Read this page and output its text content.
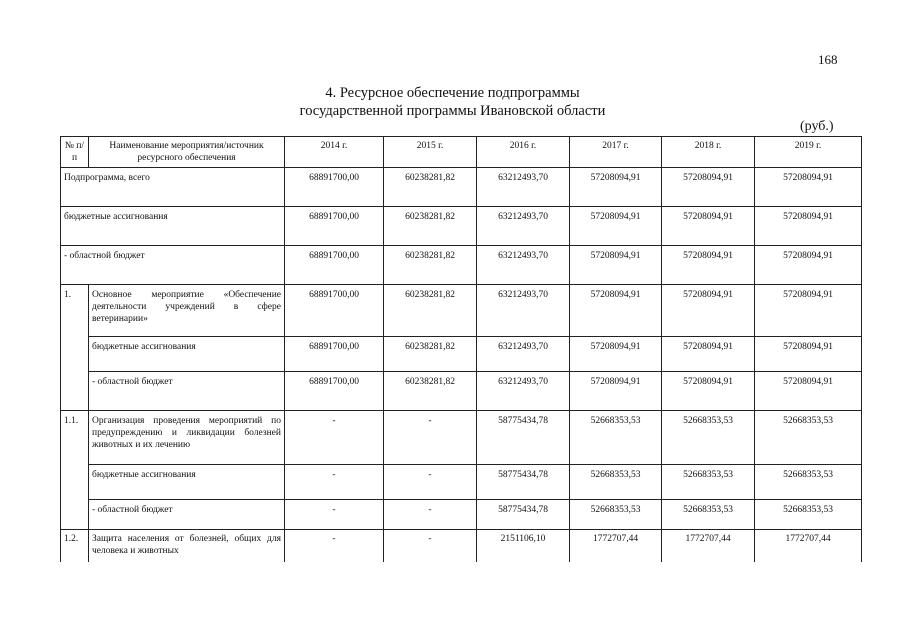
168
4. Ресурсное обеспечение подпрограммы
государственной программы Ивановской области
(руб.)
№ п/п	Наименование мероприятия/источник ресурсного обеспечения	2014 г.	2015 г.	2016 г.	2017 г.	2018 г.	2019 г.
Подпрограмма, всего		68891700,00	60238281,82	63212493,70	57208094,91	57208094,91	57208094,91
бюджетные ассигнования		68891700,00	60238281,82	63212493,70	57208094,91	57208094,91	57208094,91
- областной бюджет		68891700,00	60238281,82	63212493,70	57208094,91	57208094,91	57208094,91
1.	Основное мероприятие «Обеспечение деятельности учреждений в сфере ветеринарии»	68891700,00	60238281,82	63212493,70	57208094,91	57208094,91	57208094,91
	бюджетные ассигнования	68891700,00	60238281,82	63212493,70	57208094,91	57208094,91	57208094,91
	- областной бюджет	68891700,00	60238281,82	63212493,70	57208094,91	57208094,91	57208094,91
1.1.	Организация проведения мероприятий по предупреждению и ликвидации болезней животных и их лечению	-	-	58775434,78	52668353,53	52668353,53	52668353,53
	бюджетные ассигнования	-	-	58775434,78	52668353,53	52668353,53	52668353,53
	- областной бюджет	-	-	58775434,78	52668353,53	52668353,53	52668353,53
1.2.	Защита населения от болезней, общих для человека и животных	-	-	2151106,10	1772707,44	1772707,44	1772707,44
